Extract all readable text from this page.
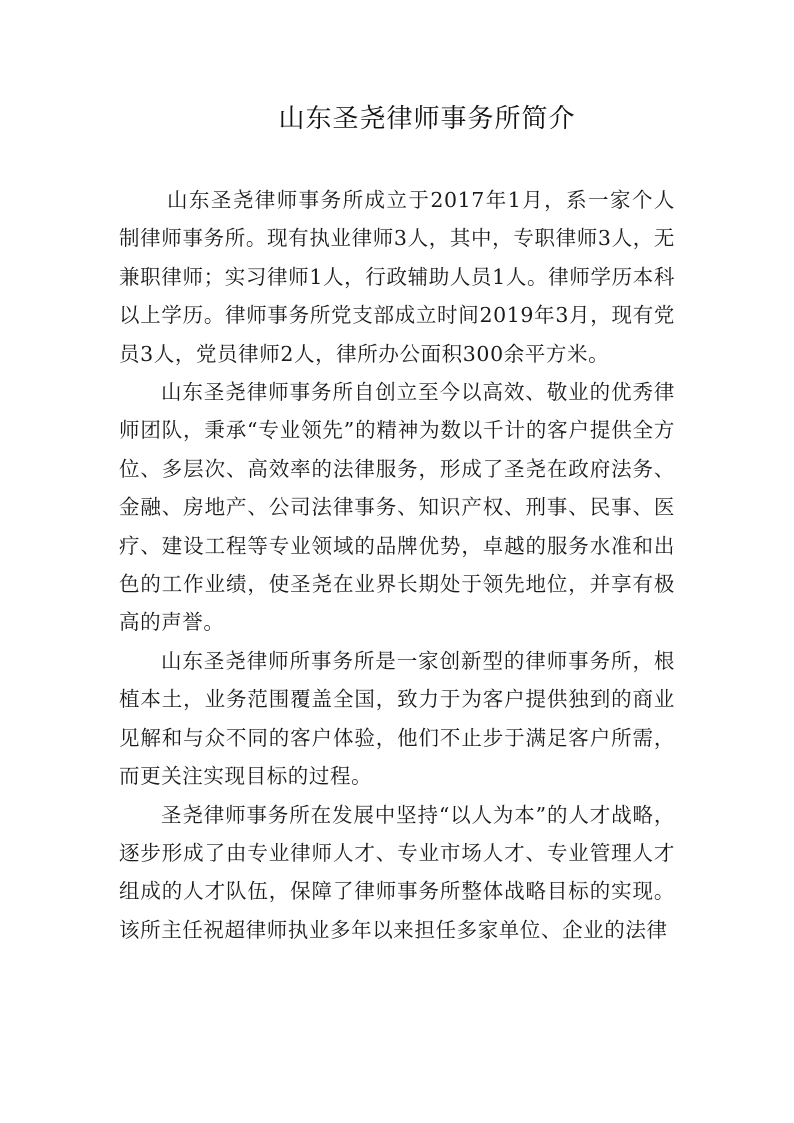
山东圣尧律师事务所简介

山东圣尧律师事务所成立于2017年1月，系一家个人制律师事务所。现有执业律师3人，其中，专职律师3人，无兼职律师；实习律师1人，行政辅助人员1人。律师学历本科以上学历。律师事务所党支部成立时间2019年3月，现有党员3人，党员律师2人，律所办公面积300余平方米。

山东圣尧律师事务所自创立至今以高效、敬业的优秀律师团队，秉承“专业领先”的精神为数以千计的客户提供全方位、多层次、高效率的法律服务，形成了圣尧在政府法务、金融、房地产、公司法律事务、知识产权、刑事、民事、医疗、建设工程等专业领域的品牌优势，卓越的服务水准和出色的工作业绩，使圣尧在业界长期处于领先地位，并享有极高的声誉。

山东圣尧律师所事务所是一家创新型的律师事务所，根植本土，业务范围覆盖全国，致力于为客户提供独到的商业见解和与众不同的客户体验，他们不止步于满足客户所需，而更关注实现目标的过程。

圣尧律师事务所在发展中坚持“以人为本”的人才战略，逐步形成了由专业律师人才、专业市场人才、专业管理人才组成的人才队伍，保障了律师事务所整体战略目标的实现。该所主任祝超律师执业多年以来担任多家单位、企业的法律
